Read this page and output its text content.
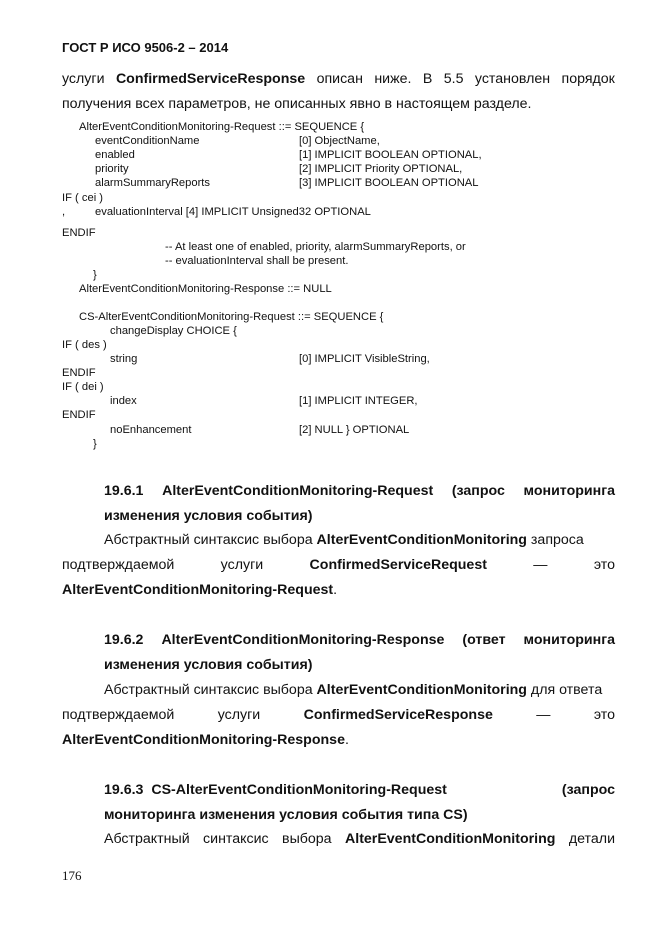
ГОСТ Р ИСО 9506-2 – 2014
услуги ConfirmedServiceResponse описан ниже. В 5.5 установлен порядок
получения всех параметров, не описанных явно в настоящем разделе.
AlterEventConditionMonitoring-Request ::= SEQUENCE {
eventConditionName	[0] ObjectName,
enabled	[1] IMPLICIT BOOLEAN OPTIONAL,
priority	[2] IMPLICIT Priority OPTIONAL,
alarmSummaryReports	[3] IMPLICIT BOOLEAN OPTIONAL
IF ( cei )
,	evaluationInterval [4] IMPLICIT Unsigned32 OPTIONAL
ENDIF
-- At least one of enabled, priority, alarmSummaryReports, or
-- evaluationInterval shall be present.
}
AlterEventConditionMonitoring-Response ::= NULL
CS-AlterEventConditionMonitoring-Request ::= SEQUENCE {
changeDisplay CHOICE {
IF ( des )
string	[0] IMPLICIT VisibleString,
ENDIF
IF ( dei )
index	[1] IMPLICIT INTEGER,
ENDIF
noEnhancement	[2] NULL } OPTIONAL
}
19.6.1 AlterEventConditionMonitoring-Request (запрос мониторинга
изменения условия события)
Абстрактный синтаксис выбора AlterEventConditionMonitoring запроса
подтверждаемой	услуги	ConfirmedServiceRequest	—	это
AlterEventConditionMonitoring-Request.
19.6.2 AlterEventConditionMonitoring-Response (ответ мониторинга
изменения условия события)
Абстрактный синтаксис выбора AlterEventConditionMonitoring для ответа
подтверждаемой	услуги	ConfirmedServiceResponse	—	это
AlterEventConditionMonitoring-Response.
19.6.3 CS-AlterEventConditionMonitoring-Request	(запрос
мониторинга изменения условия события типа CS)
Абстрактный синтаксис выбора AlterEventConditionMonitoring детали
176
